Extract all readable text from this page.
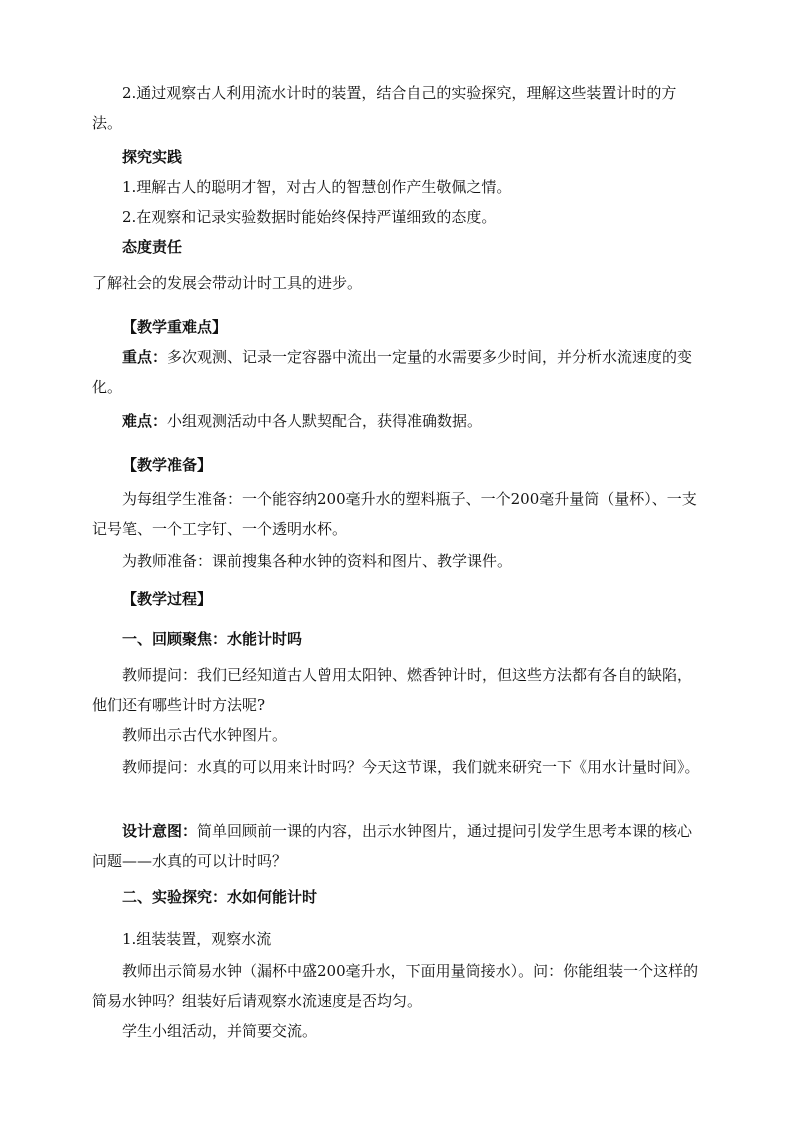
2.通过观察古人利用流水计时的装置，结合自己的实验探究，理解这些装置计时的方法。

探究实践

1.理解古人的聪明才智，对古人的智慧创作产生敬佩之情。

2.在观察和记录实验数据时能始终保持严谨细致的态度。

态度责任

了解社会的发展会带动计时工具的进步。

【教学重难点】

重点：多次观测、记录一定容器中流出一定量的水需要多少时间，并分析水流速度的变化。

难点：小组观测活动中各人默契配合，获得准确数据。

【教学准备】

为每组学生准备：一个能容纳200毫升水的塑料瓶子、一个200毫升量筒（量杯）、一支记号笔、一个工字钉、一个透明水杯。

为教师准备：课前搜集各种水钟的资料和图片、教学课件。

【教学过程】

一、回顾聚焦：水能计时吗

教师提问：我们已经知道古人曾用太阳钟、燃香钟计时，但这些方法都有各自的缺陷，他们还有哪些计时方法呢?

教师出示古代水钟图片。

教师提问：水真的可以用来计时吗？今天这节课，我们就来研究一下《用水计量时间》。

设计意图：简单回顾前一课的内容，出示水钟图片，通过提问引发学生思考本课的核心问题——水真的可以计时吗？

二、实验探究：水如何能计时

1.组装装置，观察水流

教师出示简易水钟（漏杯中盛200毫升水，下面用量筒接水）。问：你能组装一个这样的简易水钟吗？组装好后请观察水流速度是否均匀。

学生小组活动，并简要交流。
